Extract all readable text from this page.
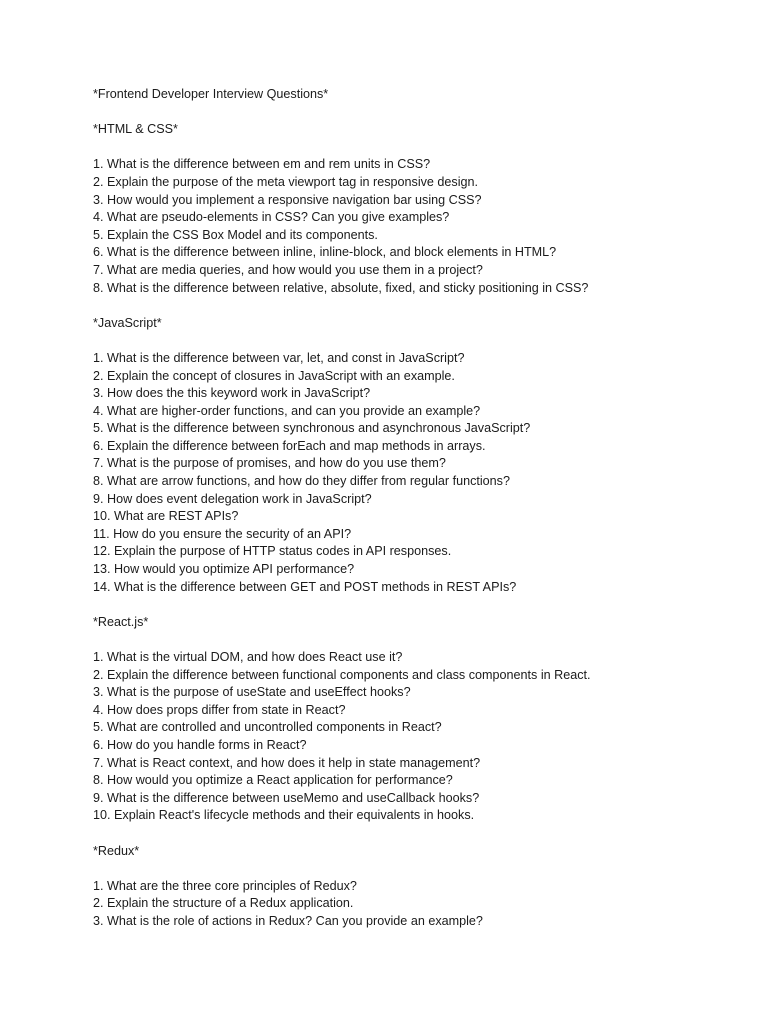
*Frontend Developer Interview Questions*
*HTML & CSS*
1. What is the difference between em and rem units in CSS?
2. Explain the purpose of the meta viewport tag in responsive design.
3. How would you implement a responsive navigation bar using CSS?
4. What are pseudo-elements in CSS? Can you give examples?
5. Explain the CSS Box Model and its components.
6. What is the difference between inline, inline-block, and block elements in HTML?
7. What are media queries, and how would you use them in a project?
8. What is the difference between relative, absolute, fixed, and sticky positioning in CSS?
*JavaScript*
1. What is the difference between var, let, and const in JavaScript?
2. Explain the concept of closures in JavaScript with an example.
3. How does the this keyword work in JavaScript?
4. What are higher-order functions, and can you provide an example?
5. What is the difference between synchronous and asynchronous JavaScript?
6. Explain the difference between forEach and map methods in arrays.
7. What is the purpose of promises, and how do you use them?
8. What are arrow functions, and how do they differ from regular functions?
9. How does event delegation work in JavaScript?
10. What are REST APIs?
11. How do you ensure the security of an API?
12. Explain the purpose of HTTP status codes in API responses.
13. How would you optimize API performance?
14. What is the difference between GET and POST methods in REST APIs?
*React.js*
1. What is the virtual DOM, and how does React use it?
2. Explain the difference between functional components and class components in React.
3. What is the purpose of useState and useEffect hooks?
4. How does props differ from state in React?
5. What are controlled and uncontrolled components in React?
6. How do you handle forms in React?
7. What is React context, and how does it help in state management?
8. How would you optimize a React application for performance?
9. What is the difference between useMemo and useCallback hooks?
10. Explain React's lifecycle methods and their equivalents in hooks.
*Redux*
1. What are the three core principles of Redux?
2. Explain the structure of a Redux application.
3. What is the role of actions in Redux? Can you provide an example?
